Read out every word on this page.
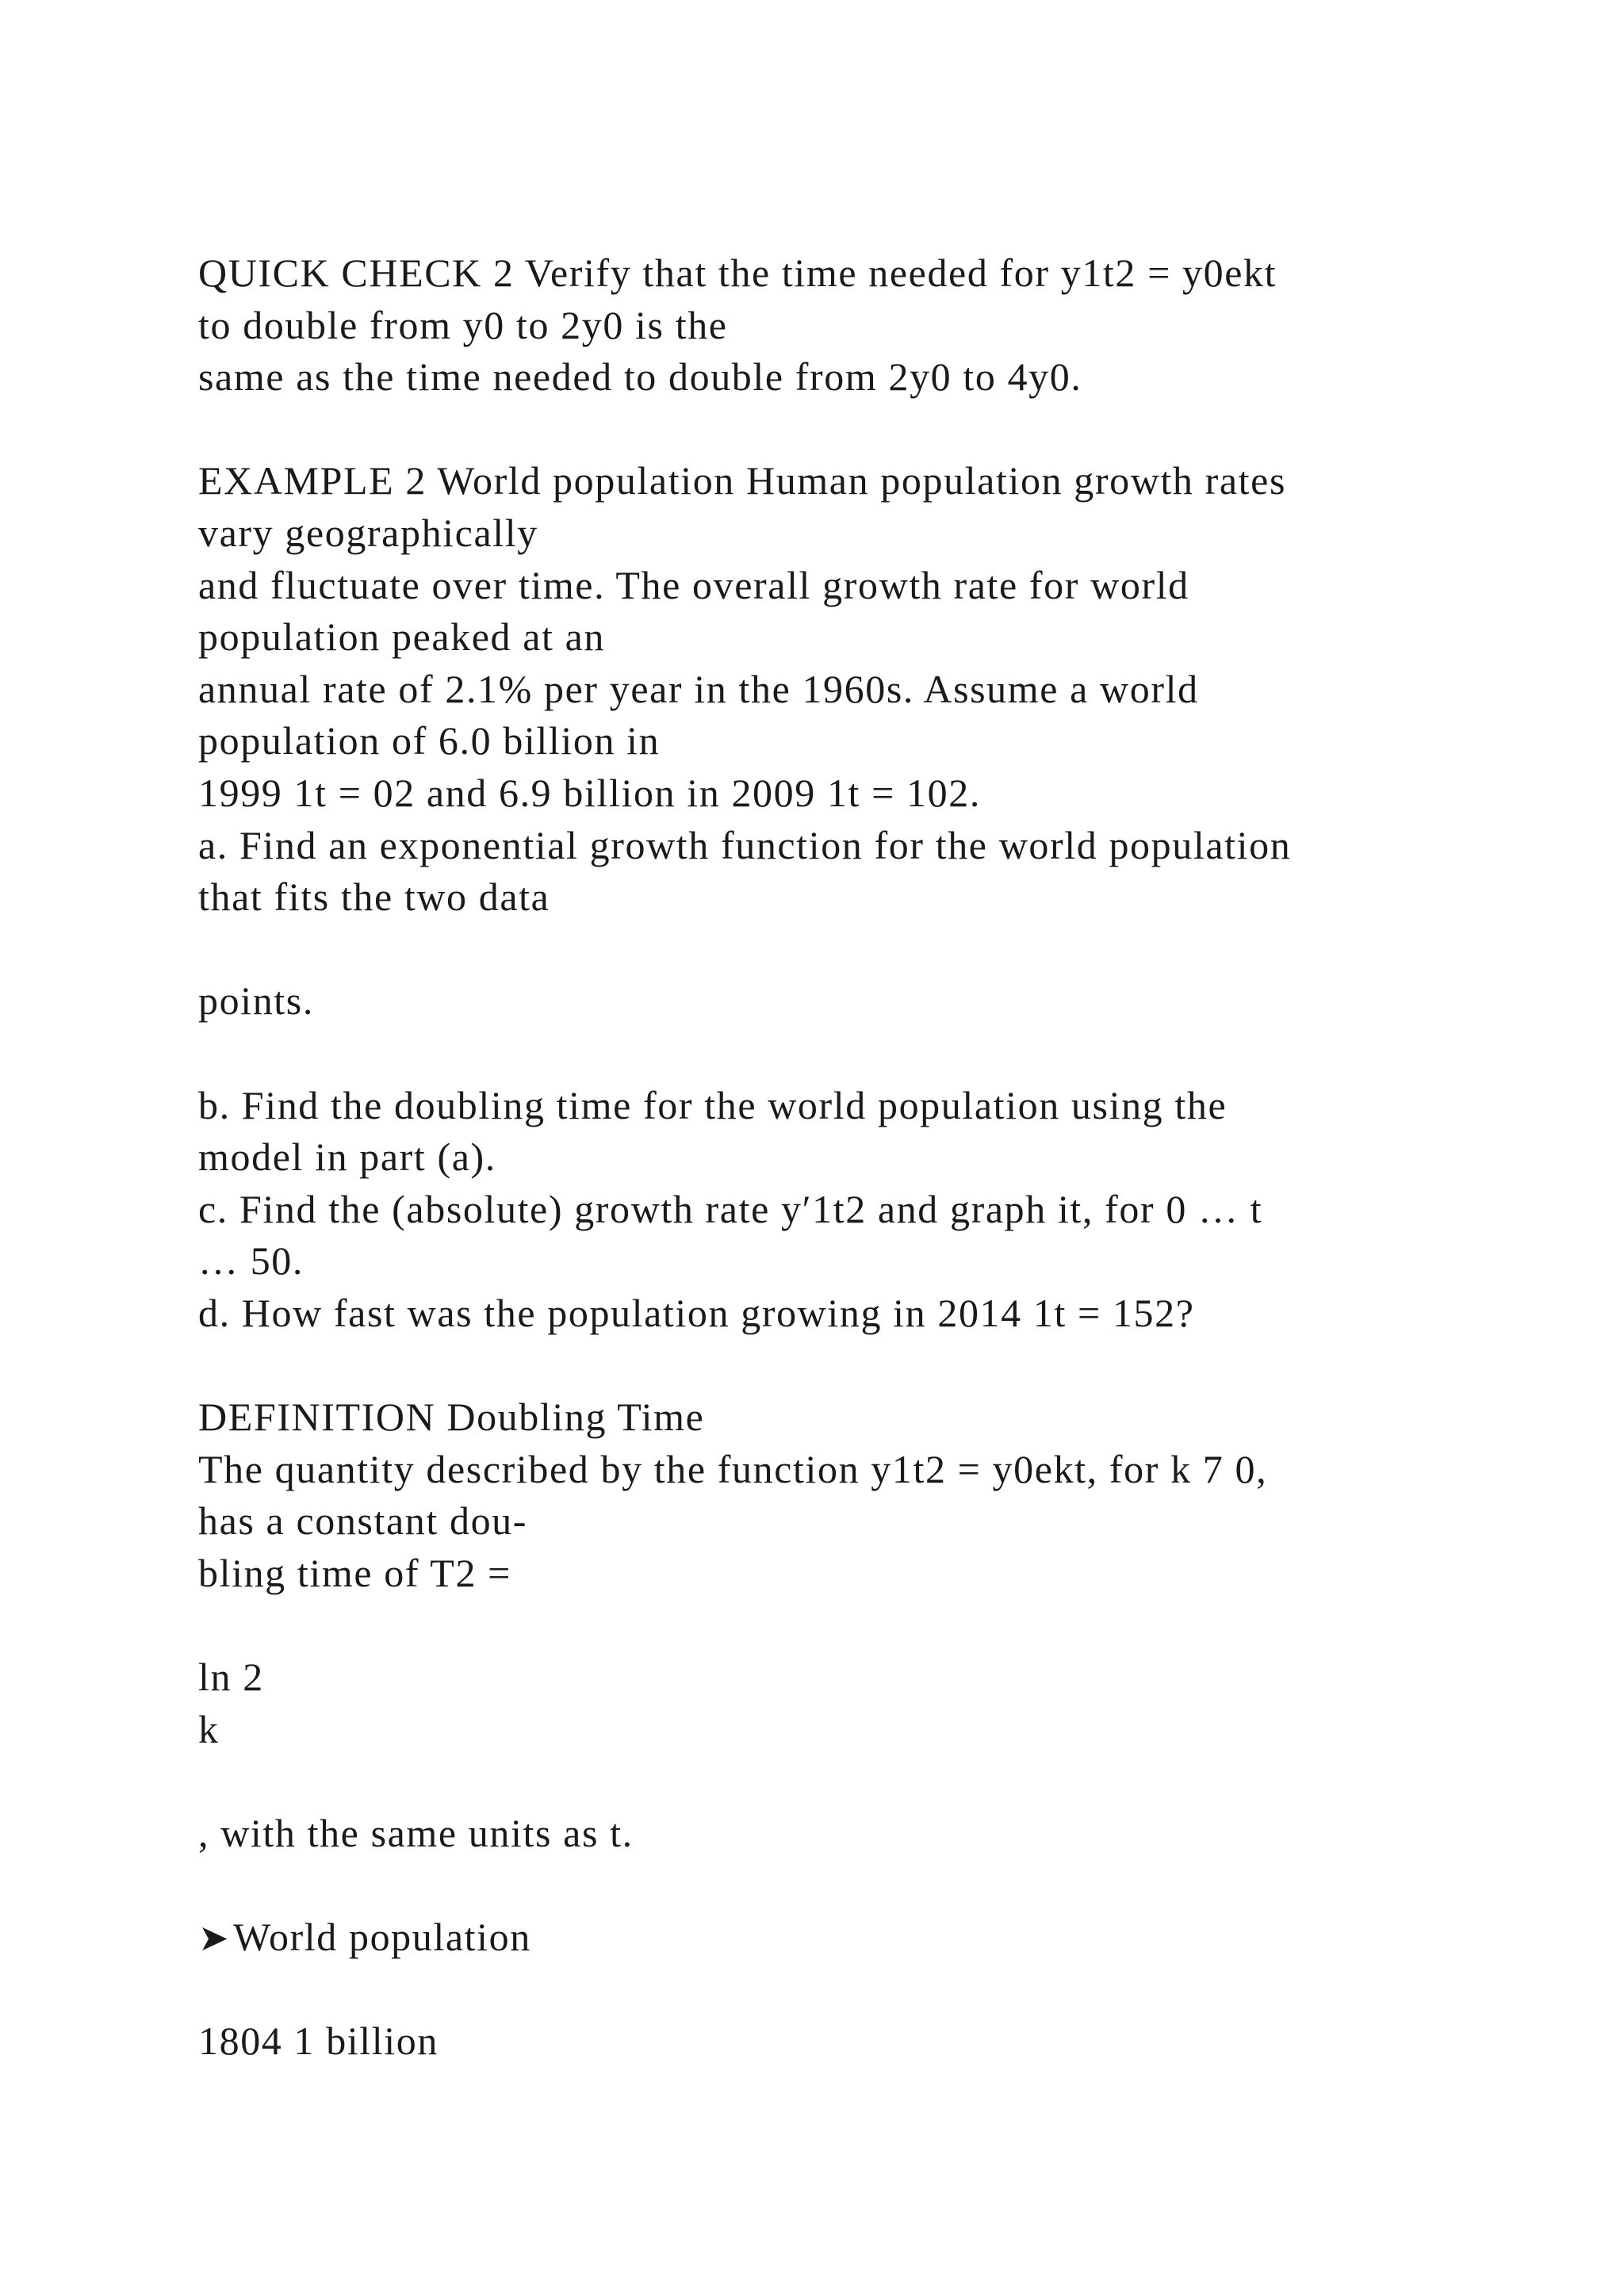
QUICK CHECK 2 Verify that the time needed for y1t2 = y0ekt
to double from y0 to 2y0 is the
same as the time needed to double from 2y0 to 4y0.
EXAMPLE 2 World population Human population growth rates
vary geographically
and fluctuate over time. The overall growth rate for world
population peaked at an
annual rate of 2.1% per year in the 1960s. Assume a world
population of 6.0 billion in
1999 1t = 02 and 6.9 billion in 2009 1t = 102.
a. Find an exponential growth function for the world population
that fits the two data
points.
b. Find the doubling time for the world population using the
model in part (a).
c. Find the (absolute) growth rate y′1t2 and graph it, for 0 … t
… 50.
d. How fast was the population growing in 2014 1t = 152?
DEFINITION Doubling Time
The quantity described by the function y1t2 = y0ekt, for k 7 0,
has a constant dou-
bling time of T2 =
ln 2
k
, with the same units as t.
➤World population
1804 1 billion
